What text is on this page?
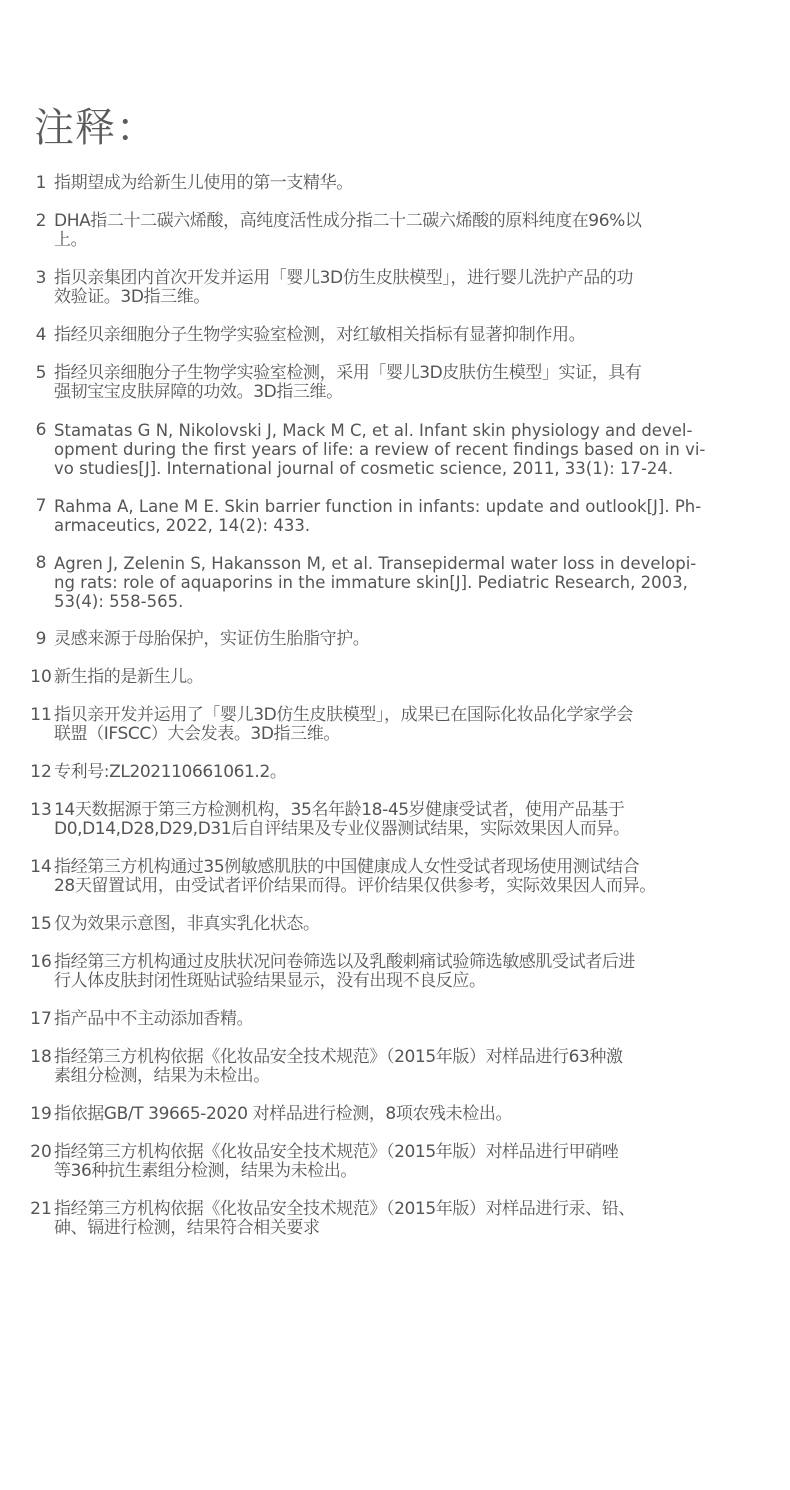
注释：
1 指期望成为给新生儿使用的第一支精华。
2 DHA指二十二碳六烯酸，高纯度活性成分指二十二碳六烯酸的原料纯度在96%以
上。
3 指贝亲集团内首次开发并运用「婴儿3D仿生皮肤模型」，进行婴儿洗护产品的功
效验证。3D指三维。
4 指经贝亲细胞分子生物学实验室检测，对红敏相关指标有显著抑制作用。
5 指经贝亲细胞分子生物学实验室检测，采用「婴儿3D皮肤仿生模型」实证，具有
强韧宝宝皮肤屏障的功效。3D指三维。
6 Stamatas G N, Nikolovski J, Mack M C, et al. Infant skin physiology and devel-
opment during the first years of life: a review of recent findings based on in vi-
vo studies[J]. International journal of cosmetic science, 2011, 33(1): 17-24.
7 Rahma A, Lane M E. Skin barrier function in infants: update and outlook[J]. Ph-
armaceutics, 2022, 14(2): 433.
8 Agren J, Zelenin S, Hakansson M, et al. Transepidermal water loss in developi-
ng rats: role of aquaporins in the immature skin[J]. Pediatric Research, 2003,
53(4): 558-565.
9 灵感来源于母胎保护，实证仿生胎脂守护。
10 新生指的是新生儿。
11 指贝亲开发并运用了「婴儿3D仿生皮肤模型」，成果已在国际化妆品化学家学会
联盟（IFSCC）大会发表。3D指三维。
12 专利号:ZL202110661061.2。
13 14天数据源于第三方检测机构，35名年龄18-45岁健康受试者，使用产品基于
D0,D14,D28,D29,D31后自评结果及专业仪器测试结果，实际效果因人而异。
14 指经第三方机构通过35例敏感肌肤的中国健康成人女性受试者现场使用测试结合
28天留置试用，由受试者评价结果而得。评价结果仅供参考，实际效果因人而异。
15 仅为效果示意图，非真实乳化状态。
16 指经第三方机构通过皮肤状况问卷筛选以及乳酸刺痛试验筛选敏感肌受试者后进
行人体皮肤封闭性斑贴试验结果显示，没有出现不良反应。
17 指产品中不主动添加香精。
18 指经第三方机构依据《化妆品安全技术规范》（2015年版）对样品进行63种激
素组分检测，结果为未检出。
19 指依据GB/T 39665-2020 对样品进行检测，8项农残未检出。
20 指经第三方机构依据《化妆品安全技术规范》（2015年版）对样品进行甲硝唑
等36种抗生素组分检测，结果为未检出。
21 指经第三方机构依据《化妆品安全技术规范》（2015年版）对样品进行汞、铅、
砷、镉进行检测，结果符合相关要求
